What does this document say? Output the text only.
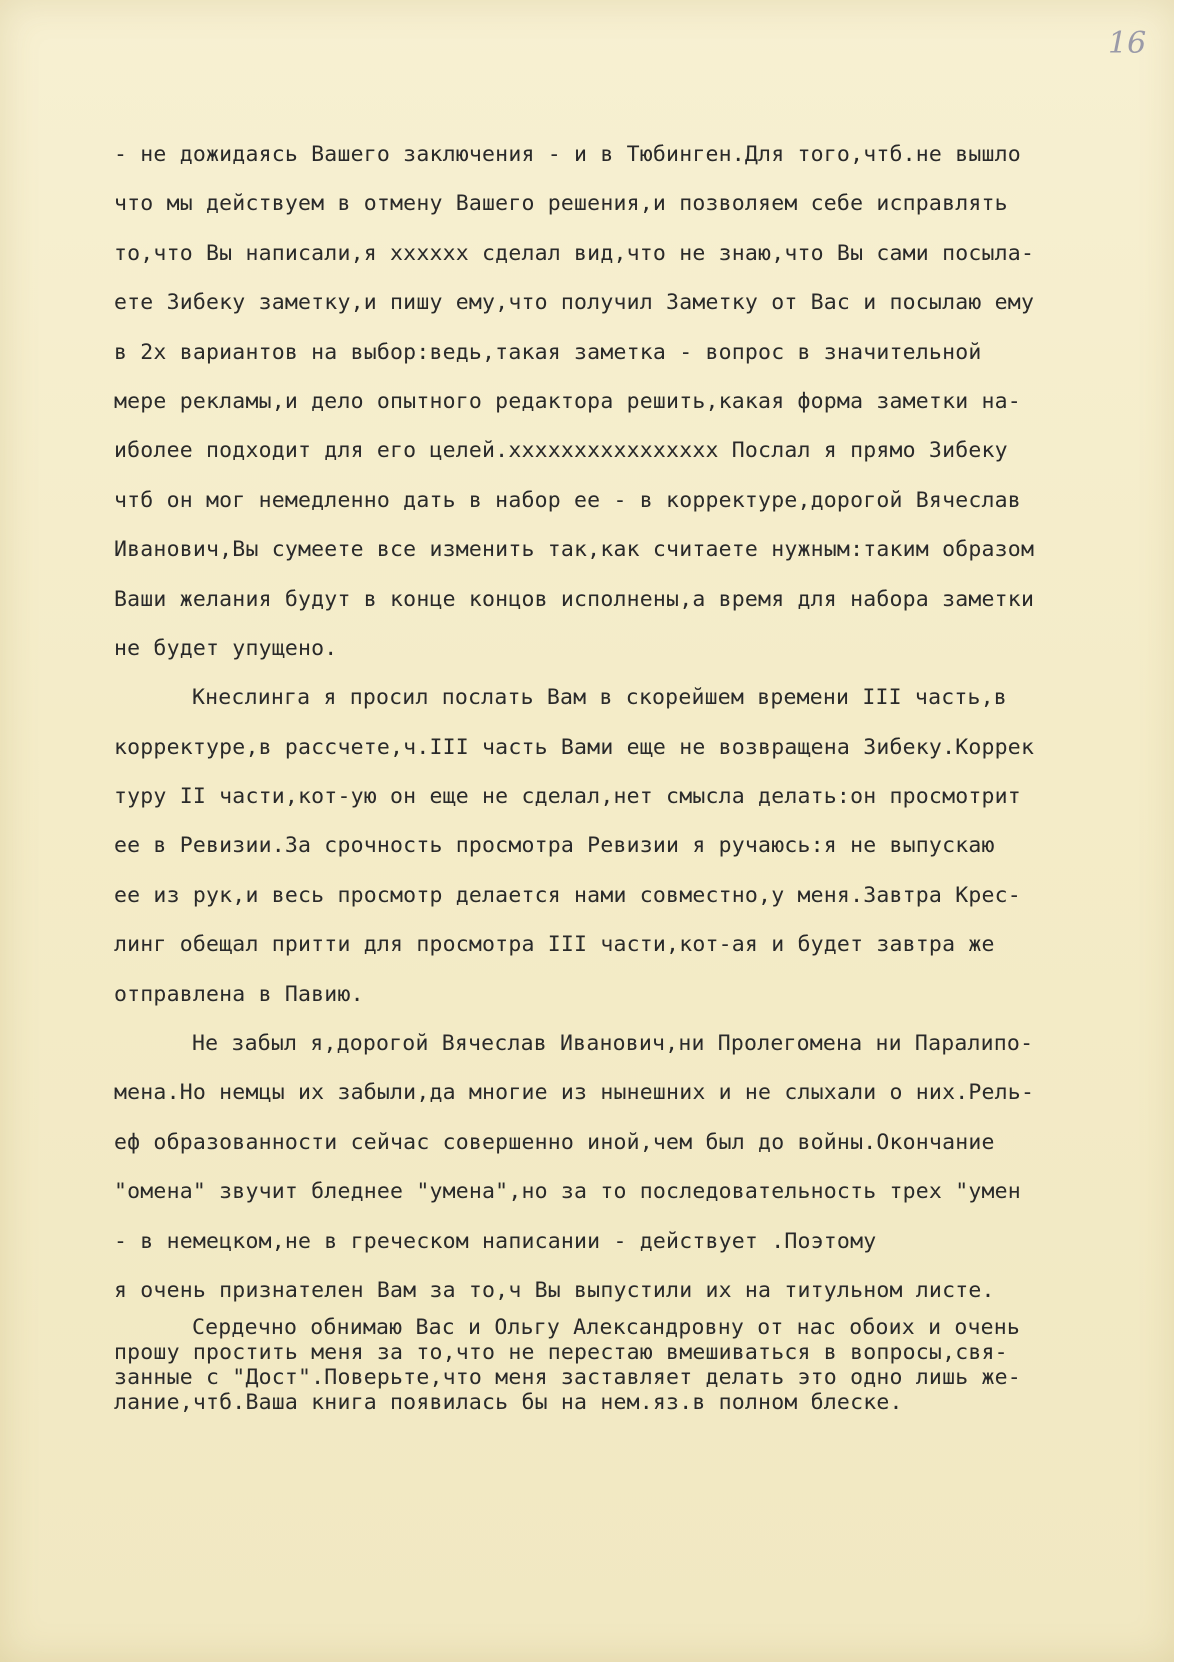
16
- не дожидаясь Вашего заключения - и в Тюбинген.Для того,чтб.не вышло
что мы действуем в отмену Вашего решения,и позволяем себе исправлять
то,что Вы написали,я xxxxxx сделал вид,что не знаю,что Вы сами посыла-
ете Зибеку заметку,и пишу ему,что получил Заметку от Вас и посылаю ему
в 2х вариантов на выбор:ведь,такая заметка - вопрос в значительной
мере рекламы,и дело опытного редактора решить,какая форма заметки на-
иболее подходит для его целей.xxxxxxxxxxxxxxxx Послал я прямо Зибеку
чтб он мог немедленно дать в набор ее - в корректуре,дорогой Вячеслав
Иванович,Вы сумеете все изменить так,как считаете нужным:таким образом
Ваши желания будут в конце концов исполнены,а время для набора заметки
не будет упущено.
Кнеслинга я просил послать Вам в скорейшем времени III часть,в
корректуре,в рассчете,ч.III часть Вами еще не возвращена Зибеку.Коррек
туру II части,кот-ую он еще не сделал,нет смысла делать:он просмотрит
ее в Ревизии.За срочность просмотра Ревизии я ручаюсь:я не выпускаю
ее из рук,и весь просмотр делается нами совместно,у меня.Завтра Крес-
линг обещал притти для просмотра III части,кот-ая и будет завтра же
отправлена в Павию.
Не забыл я,дорогой Вячеслав Иванович,ни Пролегомена ни Паралипо-
мена.Но немцы их забыли,да многие из нынешних и не слыхали о них.Рель-
еф образованности сейчас совершенно иной,чем был до войны.Окончание
"омена" звучит бледнее "умена",но за то последовательность трех "умен
- в немецком,не в греческом написании - действует .Поэтому
я очень признателен Вам за то,ч Вы выпустили их на титульном листе.
Сердечно обнимаю Вас и Ольгу Александровну от нас обоих и очень
прошу простить меня за то,что не перестаю вмешиваться в вопросы,свя-
занные с "Дост".Поверьте,что меня заставляет делать это одно лишь же-
лание,чтб.Ваша книга появилась бы на нем.яз.в полном блеске.
